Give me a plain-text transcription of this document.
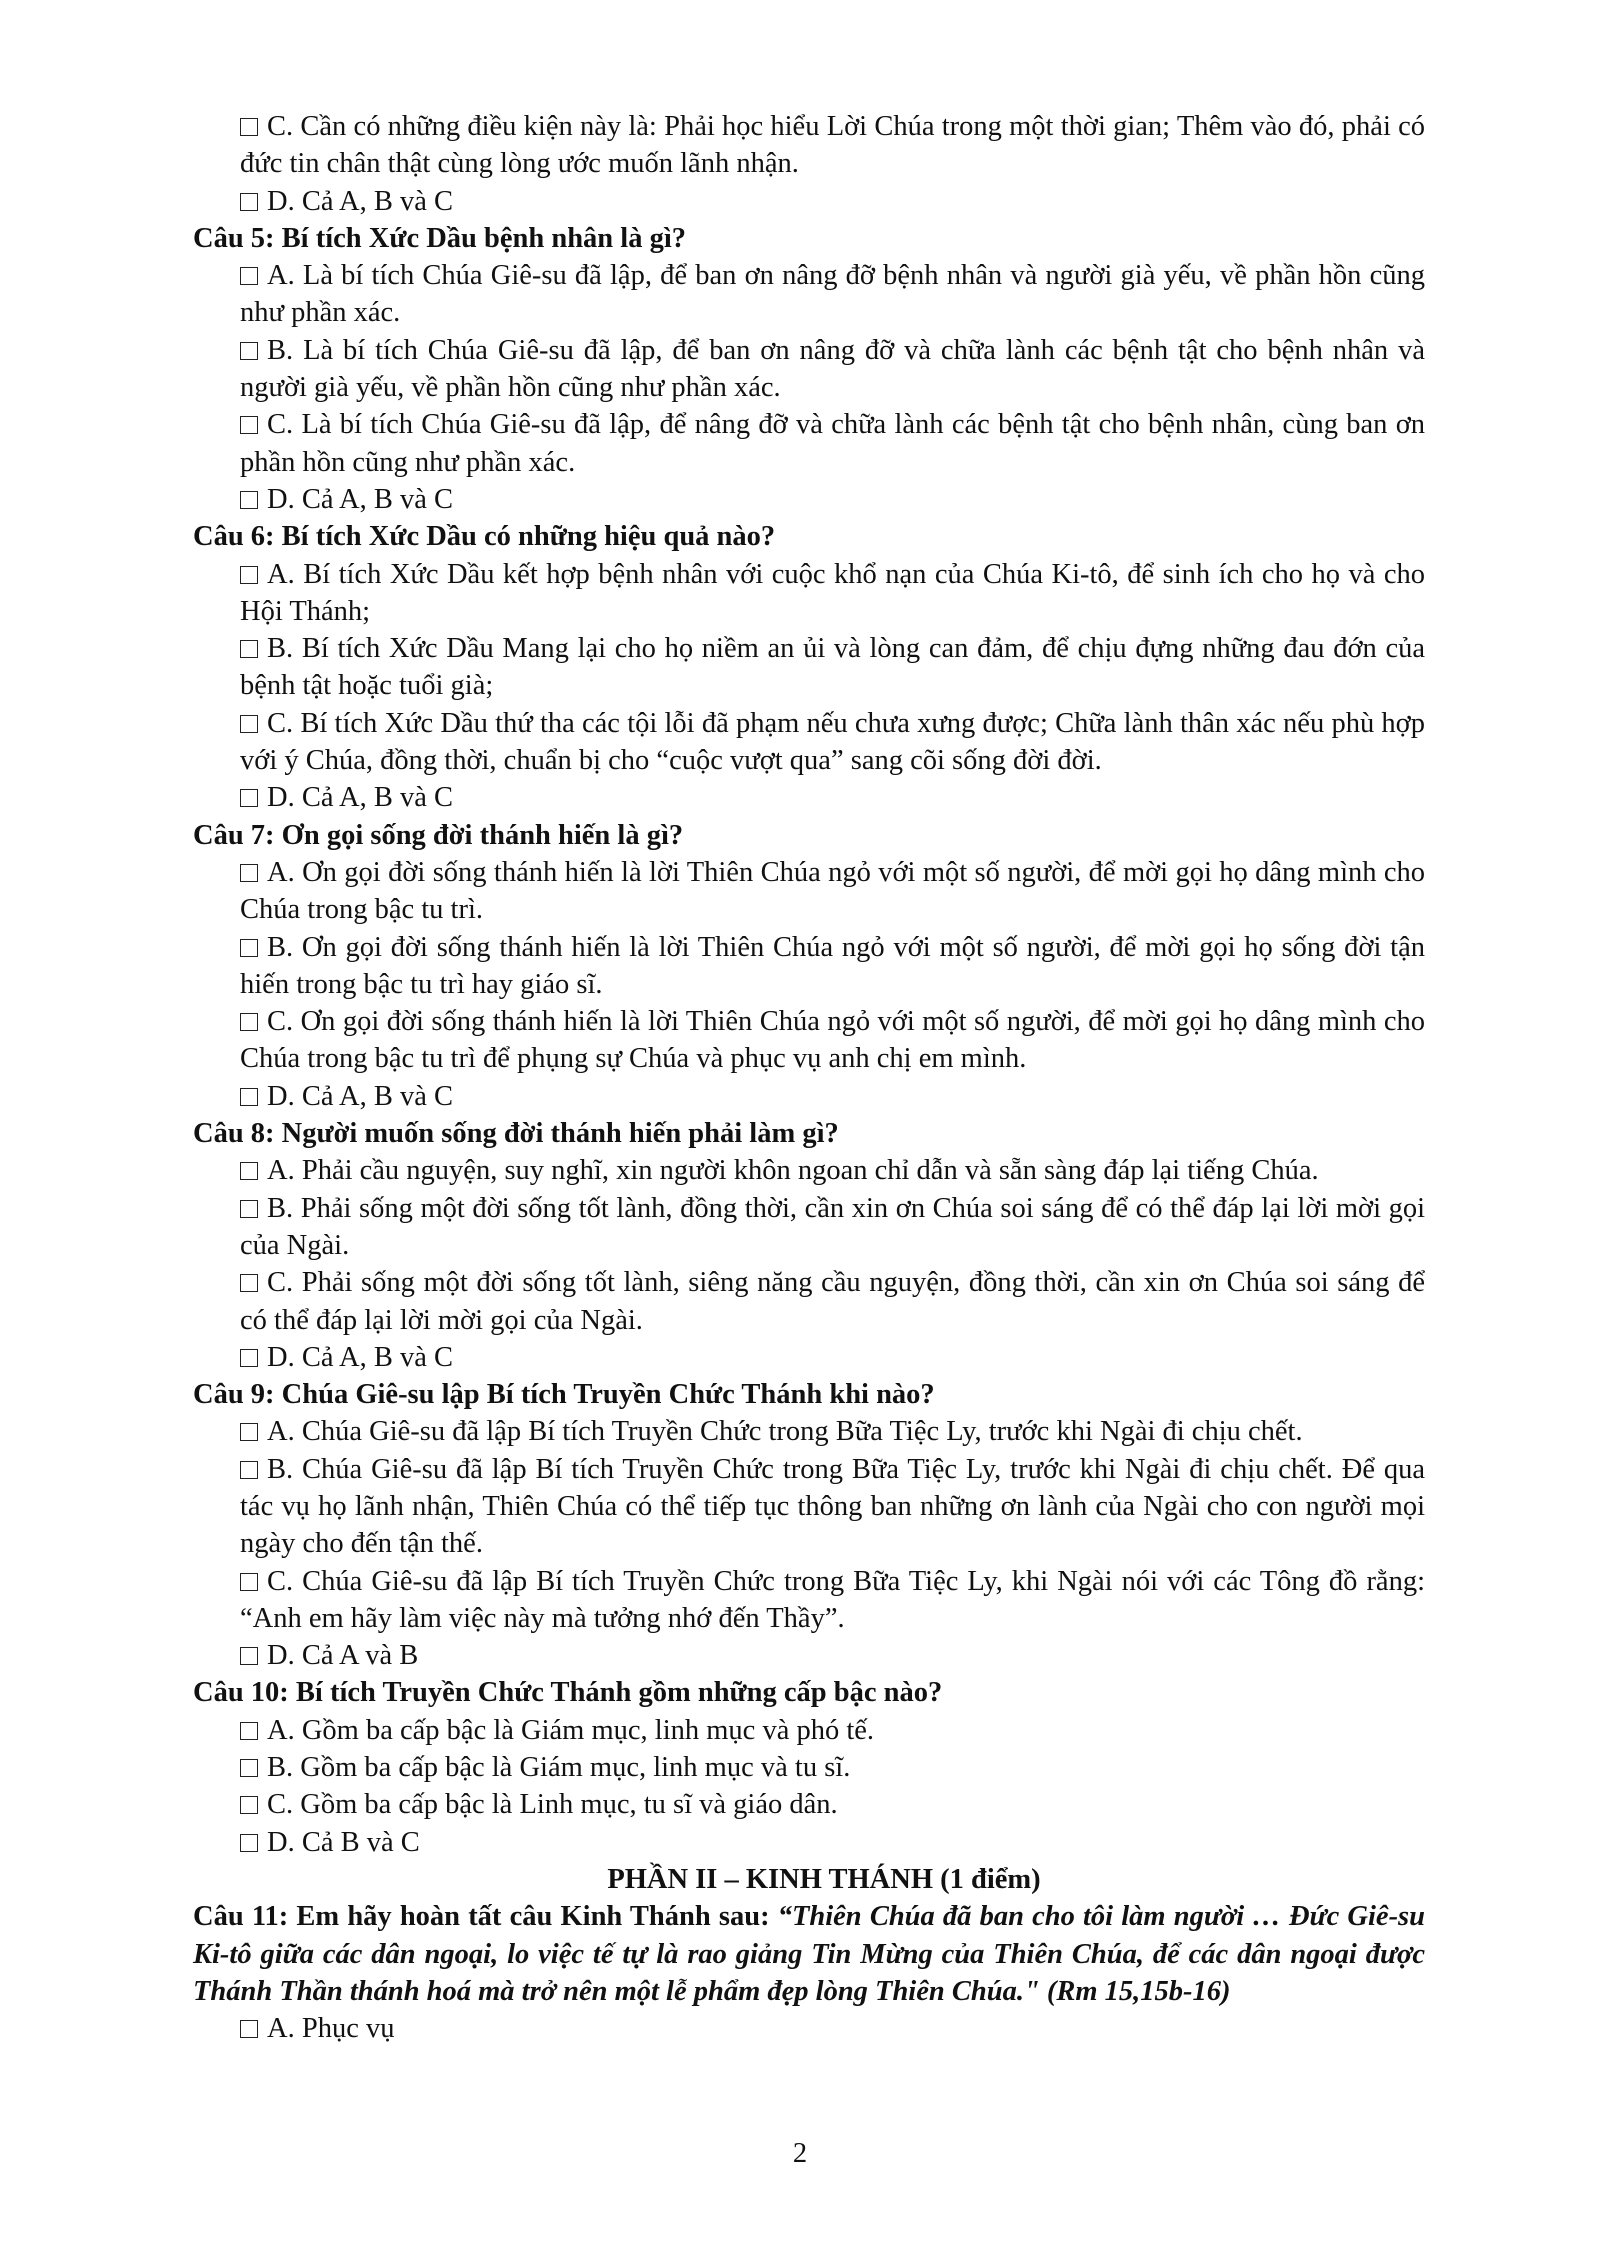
C. Cần có những điều kiện này là: Phải học hiểu Lời Chúa trong một thời gian; Thêm vào đó, phải có đức tin chân thật cùng lòng ước muốn lãnh nhận.
D. Cả A, B và C
Câu 5: Bí tích Xức Dầu bệnh nhân là gì?
A. Là bí tích Chúa Giê-su đã lập, để ban ơn nâng đỡ bệnh nhân và người già yếu, về phần hồn cũng như phần xác.
B. Là bí tích Chúa Giê-su đã lập, để ban ơn nâng đỡ và chữa lành các bệnh tật cho bệnh nhân và người già yếu, về phần hồn cũng như phần xác.
C. Là bí tích Chúa Giê-su đã lập, để nâng đỡ và chữa lành các bệnh tật cho bệnh nhân, cùng ban ơn phần hồn cũng như phần xác.
D. Cả A, B và C
Câu 6: Bí tích Xức Dầu có những hiệu quả nào?
A. Bí tích Xức Dầu kết hợp bệnh nhân với cuộc khổ nạn của Chúa Ki-tô, để sinh ích cho họ và cho Hội Thánh;
B. Bí tích Xức Dầu Mang lại cho họ niềm an ủi và lòng can đảm, để chịu đựng những đau đớn của bệnh tật hoặc tuổi già;
C. Bí tích Xức Dầu thứ tha các tội lỗi đã phạm nếu chưa xưng được; Chữa lành thân xác nếu phù hợp với ý Chúa, đồng thời, chuẩn bị cho “cuộc vượt qua” sang cõi sống đời đời.
D. Cả A, B và C
Câu 7: Ơn gọi sống đời thánh hiến là gì?
A. Ơn gọi đời sống thánh hiến là lời Thiên Chúa ngỏ với một số người, để mời gọi họ dâng mình cho Chúa trong bậc tu trì.
B. Ơn gọi đời sống thánh hiến là lời Thiên Chúa ngỏ với một số người, để mời gọi họ sống đời tận hiến trong bậc tu trì hay giáo sĩ.
C. Ơn gọi đời sống thánh hiến là lời Thiên Chúa ngỏ với một số người, để mời gọi họ dâng mình cho Chúa trong bậc tu trì để phụng sự Chúa và phục vụ anh chị em mình.
D. Cả A, B và C
Câu 8: Người muốn sống đời thánh hiến phải làm gì?
A. Phải cầu nguyện, suy nghĩ, xin người khôn ngoan chỉ dẫn và sẵn sàng đáp lại tiếng Chúa.
B. Phải sống một đời sống tốt lành, đồng thời, cần xin ơn Chúa soi sáng để có thể đáp lại lời mời gọi của Ngài.
C. Phải sống một đời sống tốt lành, siêng năng cầu nguyện, đồng thời, cần xin ơn Chúa soi sáng để có thể đáp lại lời mời gọi của Ngài.
D. Cả A, B và C
Câu 9: Chúa Giê-su lập Bí tích Truyền Chức Thánh khi nào?
A. Chúa Giê-su đã lập Bí tích Truyền Chức trong Bữa Tiệc Ly, trước khi Ngài đi chịu chết.
B. Chúa Giê-su đã lập Bí tích Truyền Chức trong Bữa Tiệc Ly, trước khi Ngài đi chịu chết. Để qua tác vụ họ lãnh nhận, Thiên Chúa có thể tiếp tục thông ban những ơn lành của Ngài cho con người mọi ngày cho đến tận thế.
C. Chúa Giê-su đã lập Bí tích Truyền Chức trong Bữa Tiệc Ly, khi Ngài nói với các Tông đồ rằng: “Anh em hãy làm việc này mà tưởng nhớ đến Thầy”.
D. Cả A và B
Câu 10: Bí tích Truyền Chức Thánh gồm những cấp bậc nào?
A. Gồm ba cấp bậc là Giám mục, linh mục và phó tế.
B. Gồm ba cấp bậc là Giám mục, linh mục và tu sĩ.
C. Gồm ba cấp bậc là Linh mục, tu sĩ và giáo dân.
D. Cả B và C
PHẦN II – KINH THÁNH (1 điểm)
Câu 11: Em hãy hoàn tất câu Kinh Thánh sau: “Thiên Chúa đã ban cho tôi làm người … Đức Giê-su Ki-tô giữa các dân ngoại, lo việc tế tự là rao giảng Tin Mừng của Thiên Chúa, để các dân ngoại được Thánh Thần thánh hoá mà trở nên một lễ phẩm đẹp lòng Thiên Chúa." (Rm 15,15b-16)
A. Phục vụ
2
